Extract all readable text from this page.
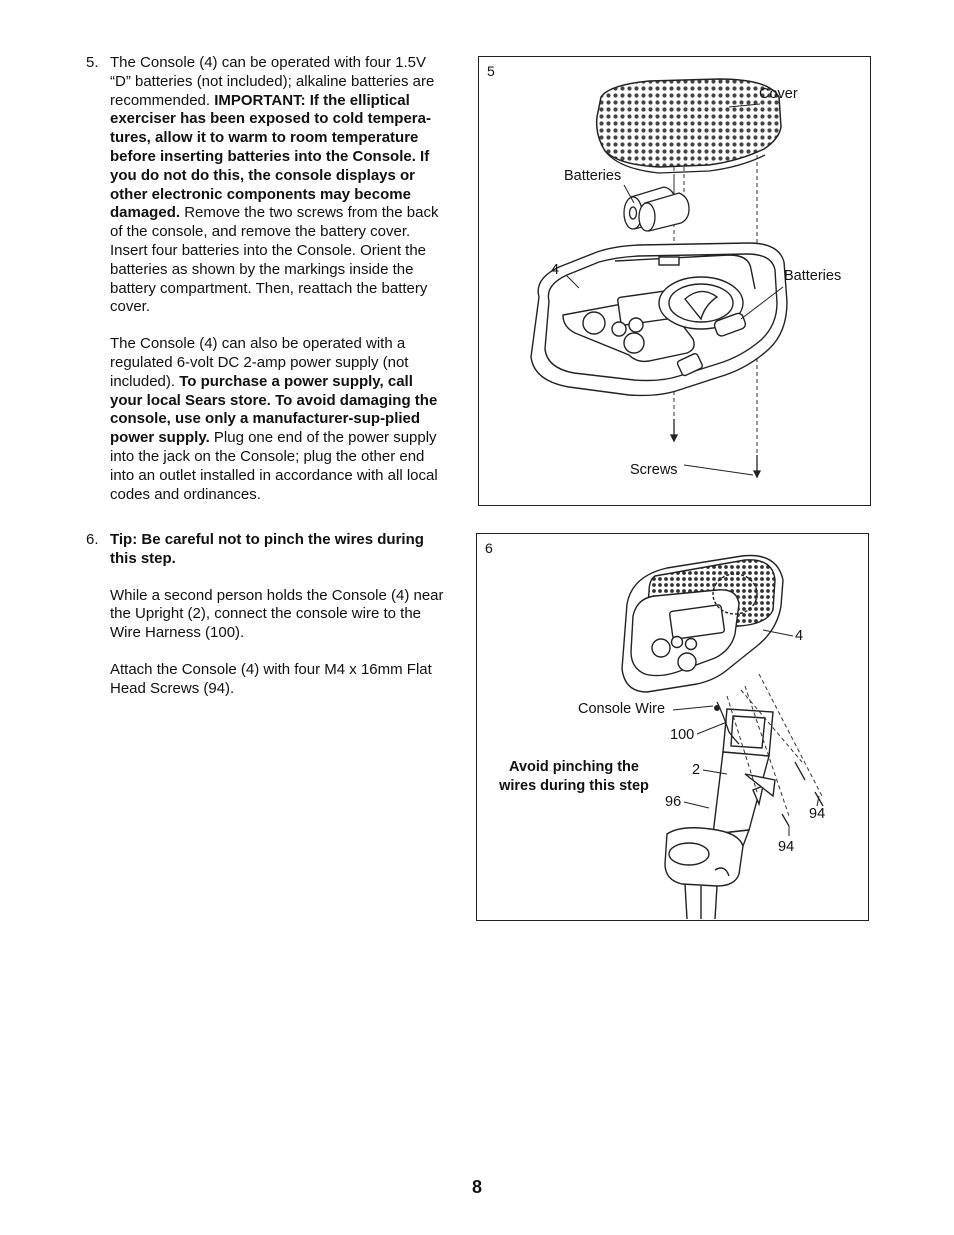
5. The Console (4) can be operated with four 1.5V “D” batteries (not included); alkaline batteries are recommended. IMPORTANT: If the elliptical exerciser has been exposed to cold tempera-tures, allow it to warm to room temperature before inserting batteries into the Console. If you do not do this, the console displays or other electronic components may become damaged. Remove the two screws from the back of the console, and remove the battery cover. Insert four batteries into the Console. Orient the batteries as shown by the markings inside the battery compartment. Then, reattach the battery cover.

The Console (4) can also be operated with a regulated 6-volt DC 2-amp power supply (not included). To purchase a power supply, call your local Sears store. To avoid damaging the console, use only a manufacturer-sup-plied power supply. Plug one end of the power supply into the jack on the Console; plug the other end into an outlet installed in accordance with all local codes and ordinances.

6. Tip: Be careful not to pinch the wires during this step.

While a second person holds the Console (4) near the Upright (2), connect the console wire to the Wire Harness (100).

Attach the Console (4) with four M4 x 16mm Flat Head Screws (94).

5
Cover
Batteries
4	Batteries
Screws
6
4
Console Wire
100
2
96
94
94
Avoid pinching the wires during this step
8
